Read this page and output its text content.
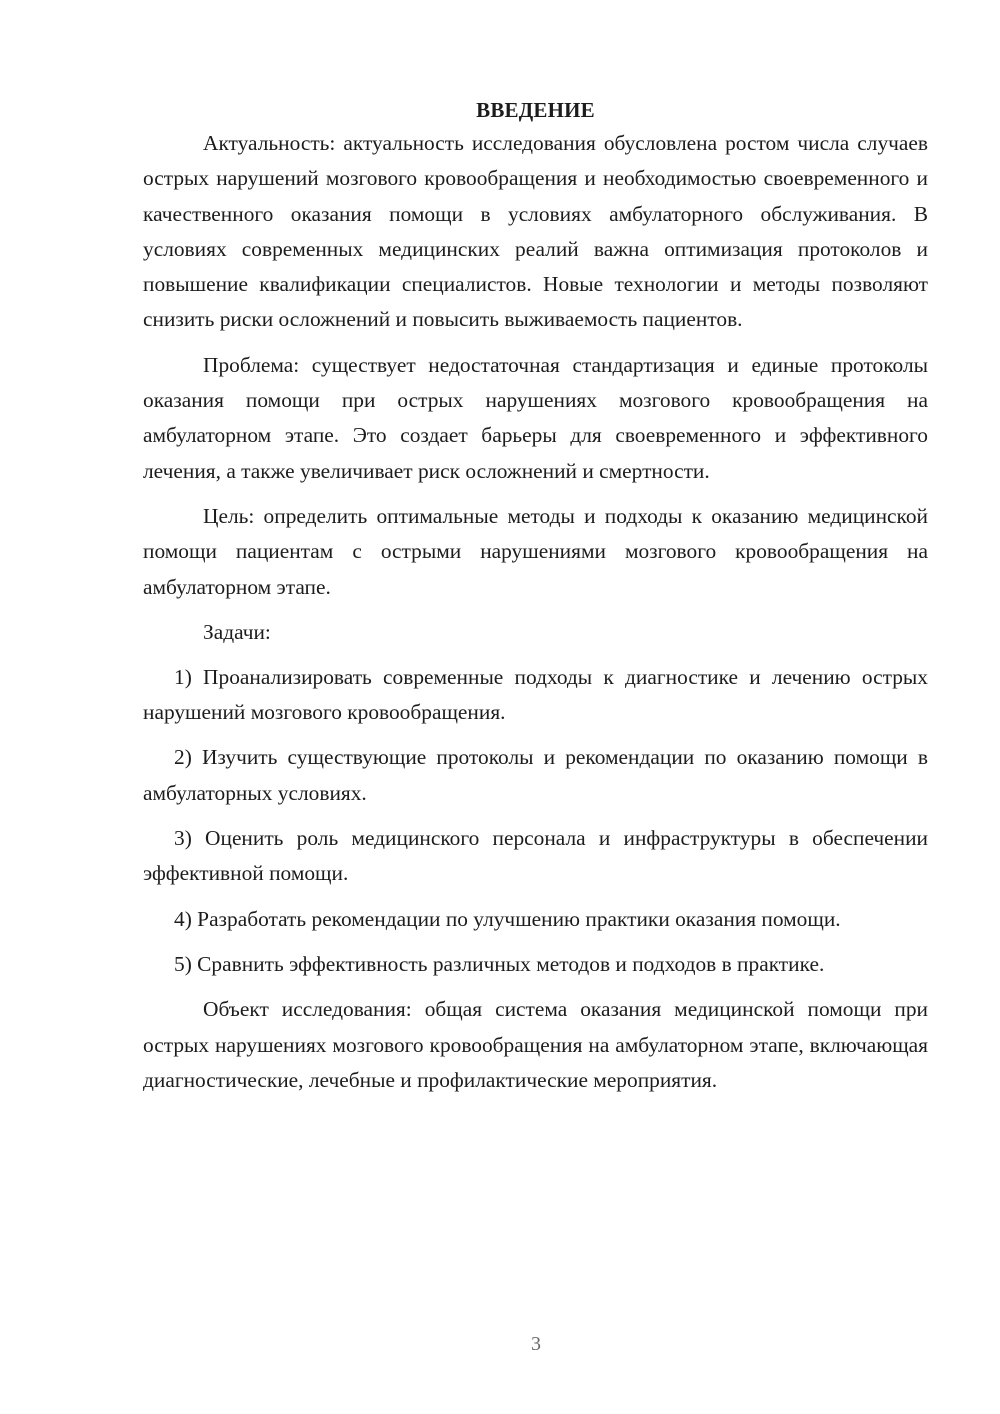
ВВЕДЕНИЕ

Актуальность: актуальность исследования обусловлена ростом числа случаев острых нарушений мозгового кровообращения и необходимостью своевременного и качественного оказания помощи в условиях амбулаторного обслуживания. В условиях современных медицинских реалий важна оптимизация протоколов и повышение квалификации специалистов. Новые технологии и методы позволяют снизить риски осложнений и повысить выживаемость пациентов.

Проблема: существует недостаточная стандартизация и единые протоколы оказания помощи при острых нарушениях мозгового кровообращения на амбулаторном этапе. Это создает барьеры для своевременного и эффективного лечения, а также увеличивает риск осложнений и смертности.

Цель: определить оптимальные методы и подходы к оказанию медицинской помощи пациентам с острыми нарушениями мозгового кровообращения на амбулаторном этапе.

Задачи:

1) Проанализировать современные подходы к диагностике и лечению острых нарушений мозгового кровообращения.

2) Изучить существующие протоколы и рекомендации по оказанию помощи в амбулаторных условиях.

3) Оценить роль медицинского персонала и инфраструктуры в обеспечении эффективной помощи.

4) Разработать рекомендации по улучшению практики оказания помощи.

5) Сравнить эффективность различных методов и подходов в практике.

Объект исследования: общая система оказания медицинской помощи при острых нарушениях мозгового кровообращения на амбулаторном этапе, включающая диагностические, лечебные и профилактические мероприятия.

3
